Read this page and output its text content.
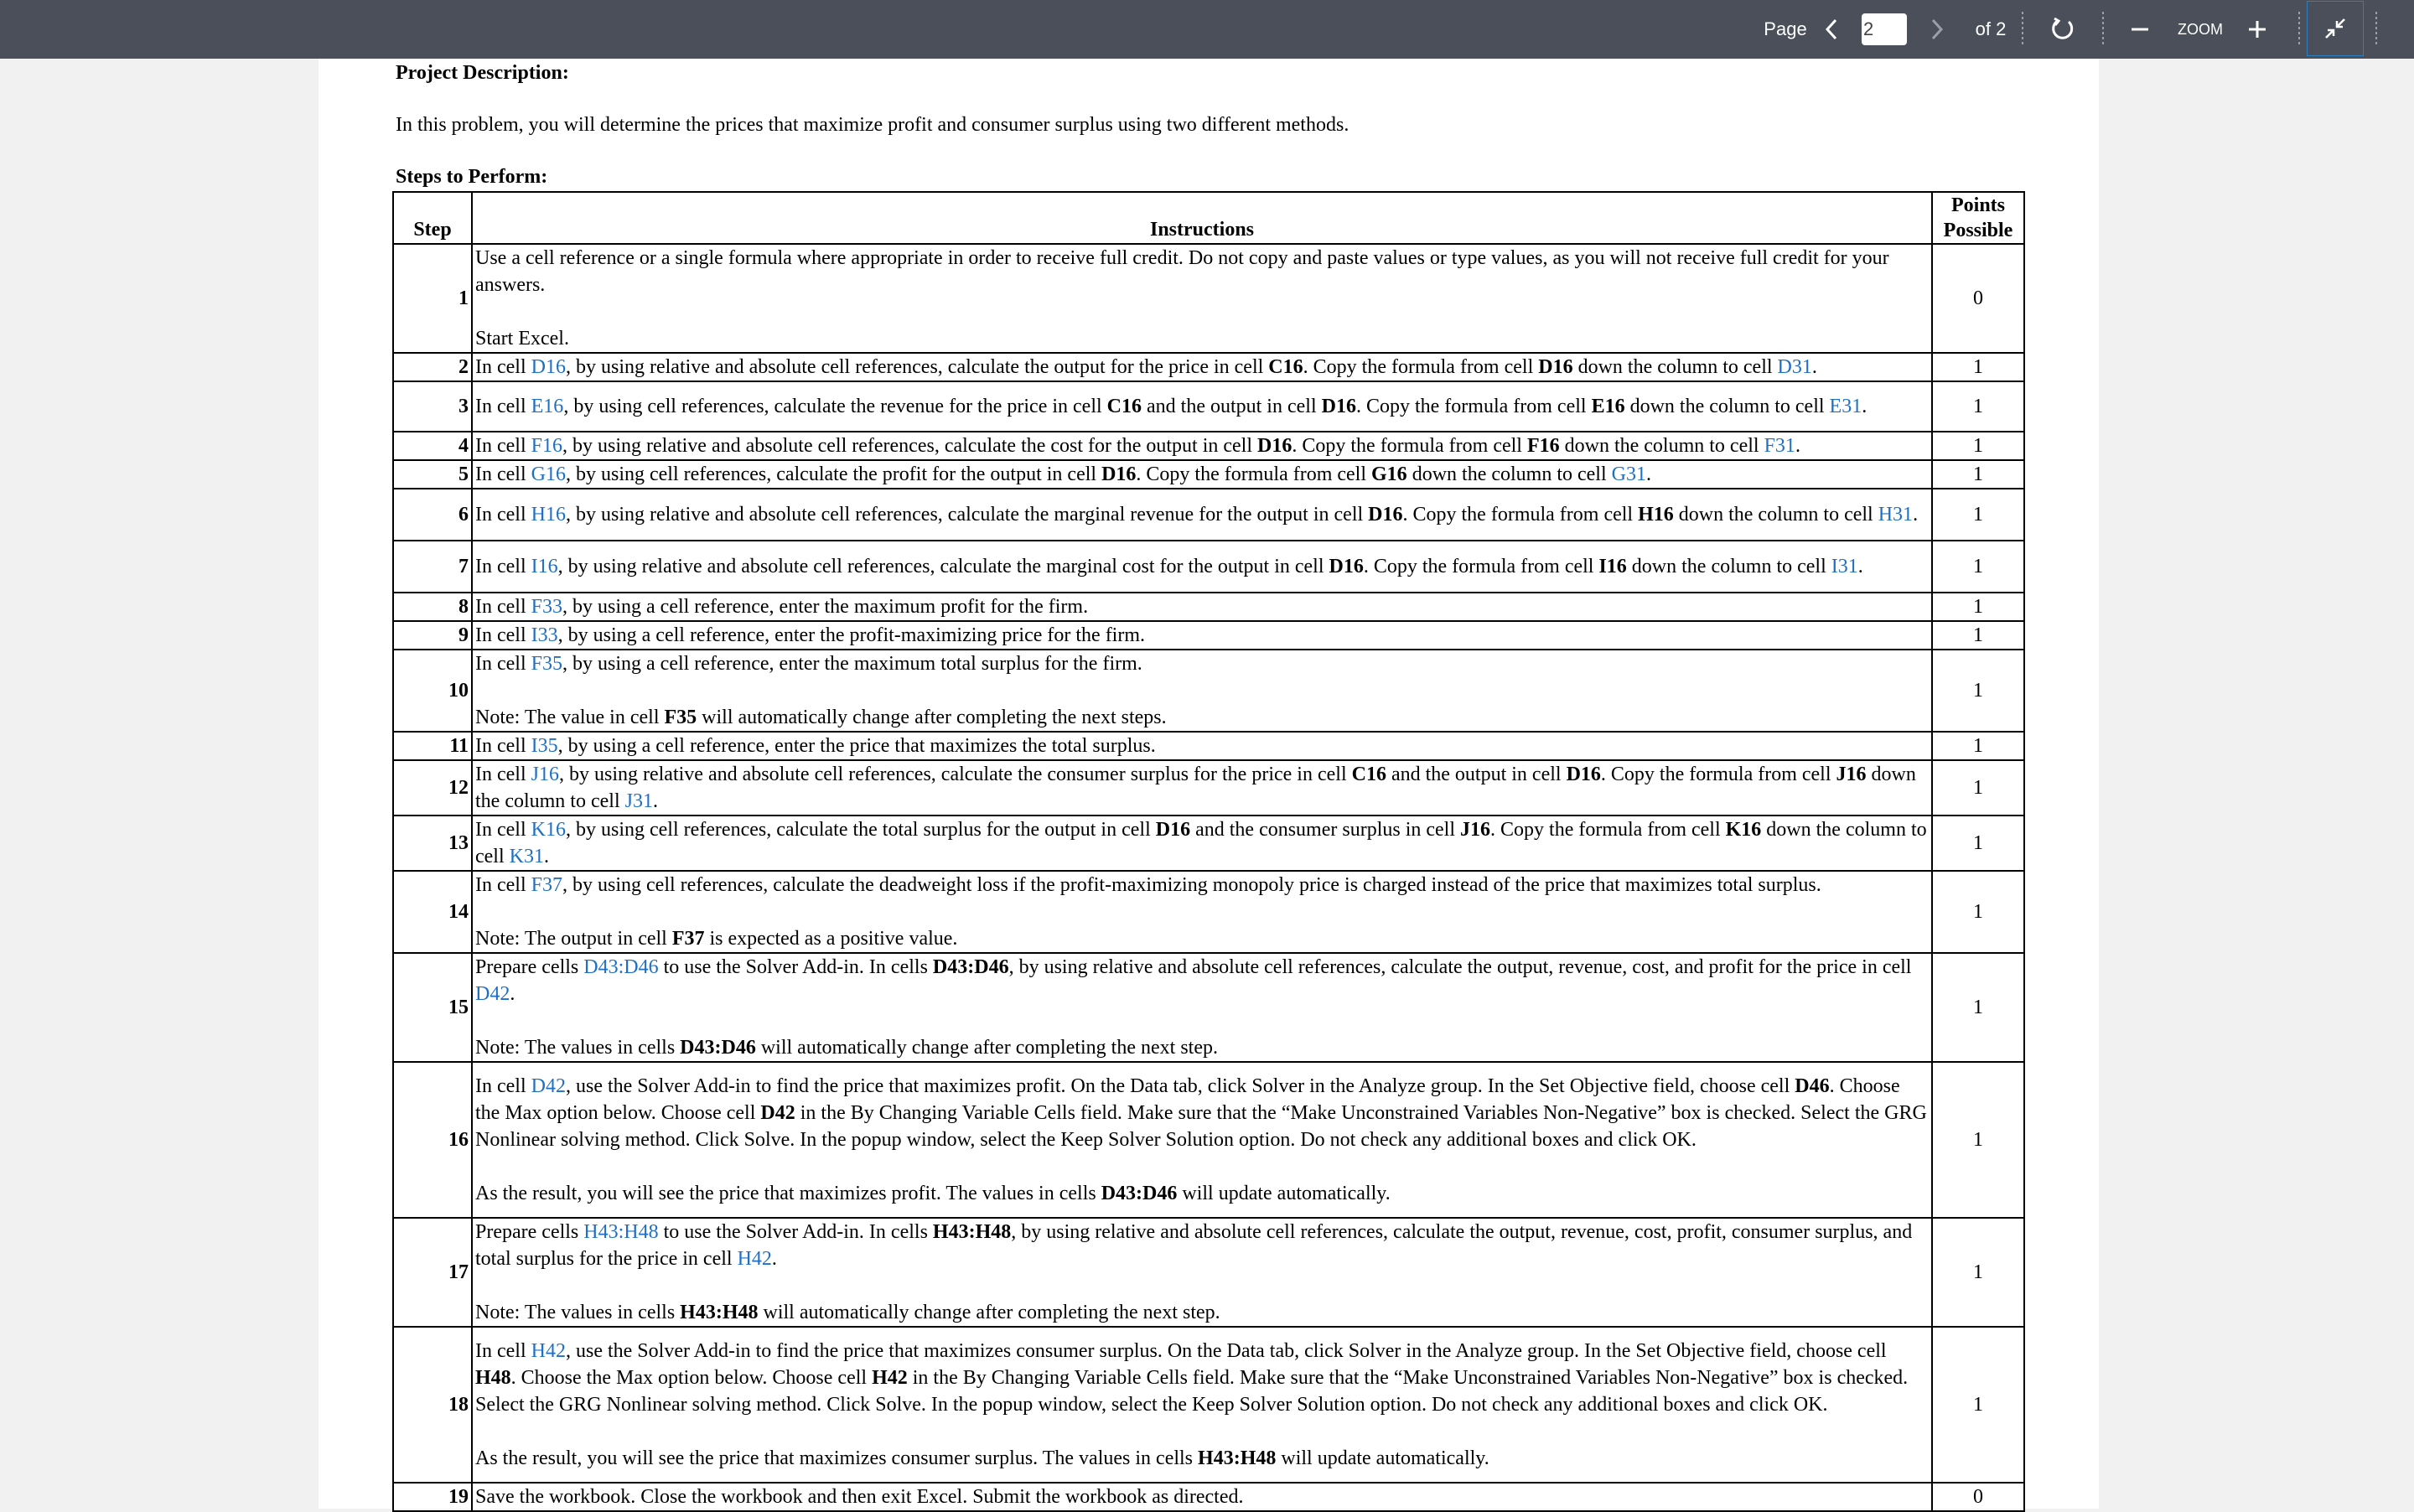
Page
2	of 2	ZOOM
Project Description:
In this problem, you will determine the prices that maximize profit and consumer surplus using two different methods.
Steps to Perform:
Step	Instructions	Points Possible
1	Use a cell reference or a single formula where appropriate in order to receive full credit. Do not copy and paste values or type values, as you will not receive full credit for your answers.
Start Excel.	0
2	In cell D16, by using relative and absolute cell references, calculate the output for the price in cell C16. Copy the formula from cell D16 down the column to cell D31.	1
3	In cell E16, by using cell references, calculate the revenue for the price in cell C16 and the output in cell D16. Copy the formula from cell E16 down the column to cell E31.	1
4	In cell F16, by using relative and absolute cell references, calculate the cost for the output in cell D16. Copy the formula from cell F16 down the column to cell F31.	1
5	In cell G16, by using cell references, calculate the profit for the output in cell D16. Copy the formula from cell G16 down the column to cell G31.	1
6	In cell H16, by using relative and absolute cell references, calculate the marginal revenue for the output in cell D16. Copy the formula from cell H16 down the column to cell H31.	1
7	In cell I16, by using relative and absolute cell references, calculate the marginal cost for the output in cell D16. Copy the formula from cell I16 down the column to cell I31.	1
8	In cell F33, by using a cell reference, enter the maximum profit for the firm.	1
9	In cell I33, by using a cell reference, enter the profit-maximizing price for the firm.	1
10	In cell F35, by using a cell reference, enter the maximum total surplus for the firm.
Note: The value in cell F35 will automatically change after completing the next steps.	1
11	In cell I35, by using a cell reference, enter the price that maximizes the total surplus.	1
12	In cell J16, by using relative and absolute cell references, calculate the consumer surplus for the price in cell C16 and the output in cell D16. Copy the formula from cell J16 down the column to cell J31.	1
13	In cell K16, by using cell references, calculate the total surplus for the output in cell D16 and the consumer surplus in cell J16. Copy the formula from cell K16 down the column to cell K31.	1
14	In cell F37, by using cell references, calculate the deadweight loss if the profit-maximizing monopoly price is charged instead of the price that maximizes total surplus.
Note: The output in cell F37 is expected as a positive value.	1
15	Prepare cells D43:D46 to use the Solver Add-in. In cells D43:D46, by using relative and absolute cell references, calculate the output, revenue, cost, and profit for the price in cell D42.
Note: The values in cells D43:D46 will automatically change after completing the next step.	1
16	In cell D42, use the Solver Add-in to find the price that maximizes profit. On the Data tab, click Solver in the Analyze group. In the Set Objective field, choose cell D46. Choose the Max option below. Choose cell D42 in the By Changing Variable Cells field. Make sure that the “Make Unconstrained Variables Non-Negative” box is checked. Select the GRG Nonlinear solving method. Click Solve. In the popup window, select the Keep Solver Solution option. Do not check any additional boxes and click OK.
As the result, you will see the price that maximizes profit. The values in cells D43:D46 will update automatically.	1
17	Prepare cells H43:H48 to use the Solver Add-in. In cells H43:H48, by using relative and absolute cell references, calculate the output, revenue, cost, profit, consumer surplus, and total surplus for the price in cell H42.
Note: The values in cells H43:H48 will automatically change after completing the next step.	1
18	In cell H42, use the Solver Add-in to find the price that maximizes consumer surplus. On the Data tab, click Solver in the Analyze group. In the Set Objective field, choose cell H48. Choose the Max option below. Choose cell H42 in the By Changing Variable Cells field. Make sure that the “Make Unconstrained Variables Non-Negative” box is checked. Select the GRG Nonlinear solving method. Click Solve. In the popup window, select the Keep Solver Solution option. Do not check any additional boxes and click OK.
As the result, you will see the price that maximizes consumer surplus. The values in cells H43:H48 will update automatically.	1
19	Save the workbook. Close the workbook and then exit Excel. Submit the workbook as directed.	0
